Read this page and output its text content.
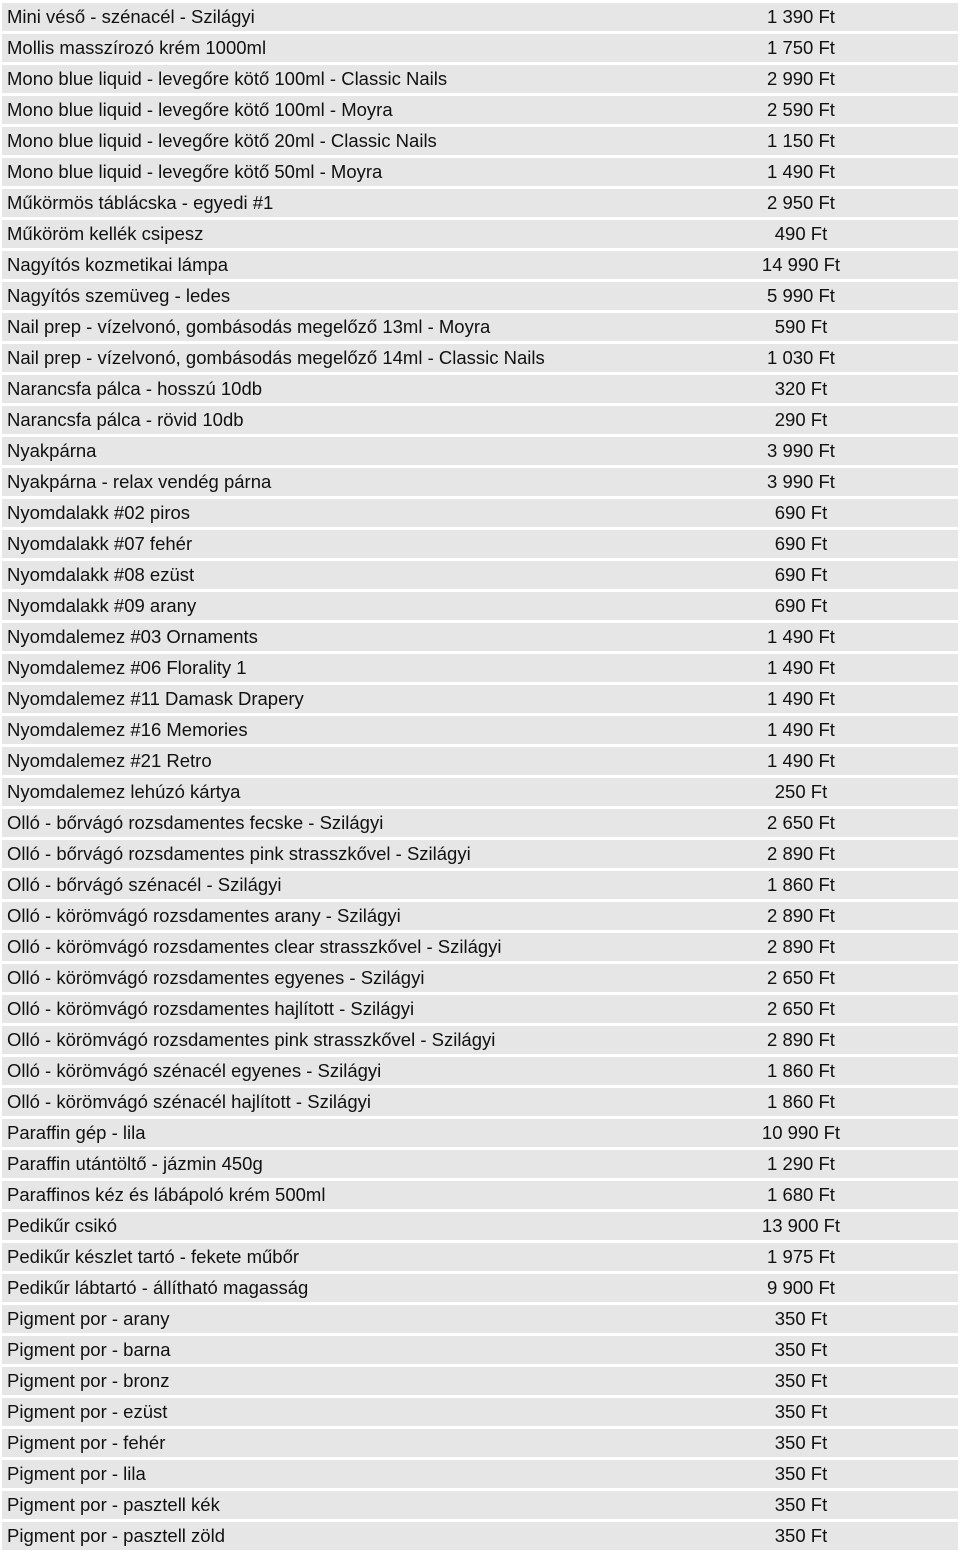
Mini véső - szénacél - Szilágyi	1 390 Ft
Mollis masszírozó krém 1000ml	1 750 Ft
Mono blue liquid - levegőre kötő 100ml - Classic Nails	2 990 Ft
Mono blue liquid - levegőre kötő 100ml - Moyra	2 590 Ft
Mono blue liquid - levegőre kötő 20ml - Classic Nails	1 150 Ft
Mono blue liquid - levegőre kötő 50ml - Moyra	1 490 Ft
Műkörmös táblácska - egyedi #1	2 950 Ft
Műköröm kellék csipesz	490 Ft
Nagyítós kozmetikai lámpa	14 990 Ft
Nagyítós szemüveg - ledes	5 990 Ft
Nail prep - vízelvonó, gombásodás megelőző 13ml - Moyra	590 Ft
Nail prep - vízelvonó, gombásodás megelőző 14ml - Classic Nails	1 030 Ft
Narancsfa pálca - hosszú 10db	320 Ft
Narancsfa pálca - rövid 10db	290 Ft
Nyakpárna	3 990 Ft
Nyakpárna - relax vendég párna	3 990 Ft
Nyomdalakk #02 piros	690 Ft
Nyomdalakk #07 fehér	690 Ft
Nyomdalakk #08 ezüst	690 Ft
Nyomdalakk #09 arany	690 Ft
Nyomdalemez #03 Ornaments	1 490 Ft
Nyomdalemez #06 Florality 1	1 490 Ft
Nyomdalemez #11 Damask Drapery	1 490 Ft
Nyomdalemez #16 Memories	1 490 Ft
Nyomdalemez #21 Retro	1 490 Ft
Nyomdalemez lehúzó kártya	250 Ft
Olló - bőrvágó rozsdamentes fecske - Szilágyi	2 650 Ft
Olló - bőrvágó rozsdamentes pink strasszkővel - Szilágyi	2 890 Ft
Olló - bőrvágó szénacél - Szilágyi	1 860 Ft
Olló - körömvágó rozsdamentes arany - Szilágyi	2 890 Ft
Olló - körömvágó rozsdamentes clear strasszkővel - Szilágyi	2 890 Ft
Olló - körömvágó rozsdamentes egyenes - Szilágyi	2 650 Ft
Olló - körömvágó rozsdamentes hajlított - Szilágyi	2 650 Ft
Olló - körömvágó rozsdamentes pink strasszkővel - Szilágyi	2 890 Ft
Olló - körömvágó szénacél egyenes - Szilágyi	1 860 Ft
Olló - körömvágó szénacél hajlított - Szilágyi	1 860 Ft
Paraffin gép - lila	10 990 Ft
Paraffin utántöltő - jázmin 450g	1 290 Ft
Paraffinos kéz és lábápoló krém 500ml	1 680 Ft
Pedikűr csikó	13 900 Ft
Pedikűr készlet tartó - fekete műbőr	1 975 Ft
Pedikűr lábtartó - állítható magasság	9 900 Ft
Pigment por - arany	350 Ft
Pigment por - barna	350 Ft
Pigment por - bronz	350 Ft
Pigment por - ezüst	350 Ft
Pigment por - fehér	350 Ft
Pigment por - lila	350 Ft
Pigment por - pasztell kék	350 Ft
Pigment por - pasztell zöld	350 Ft
